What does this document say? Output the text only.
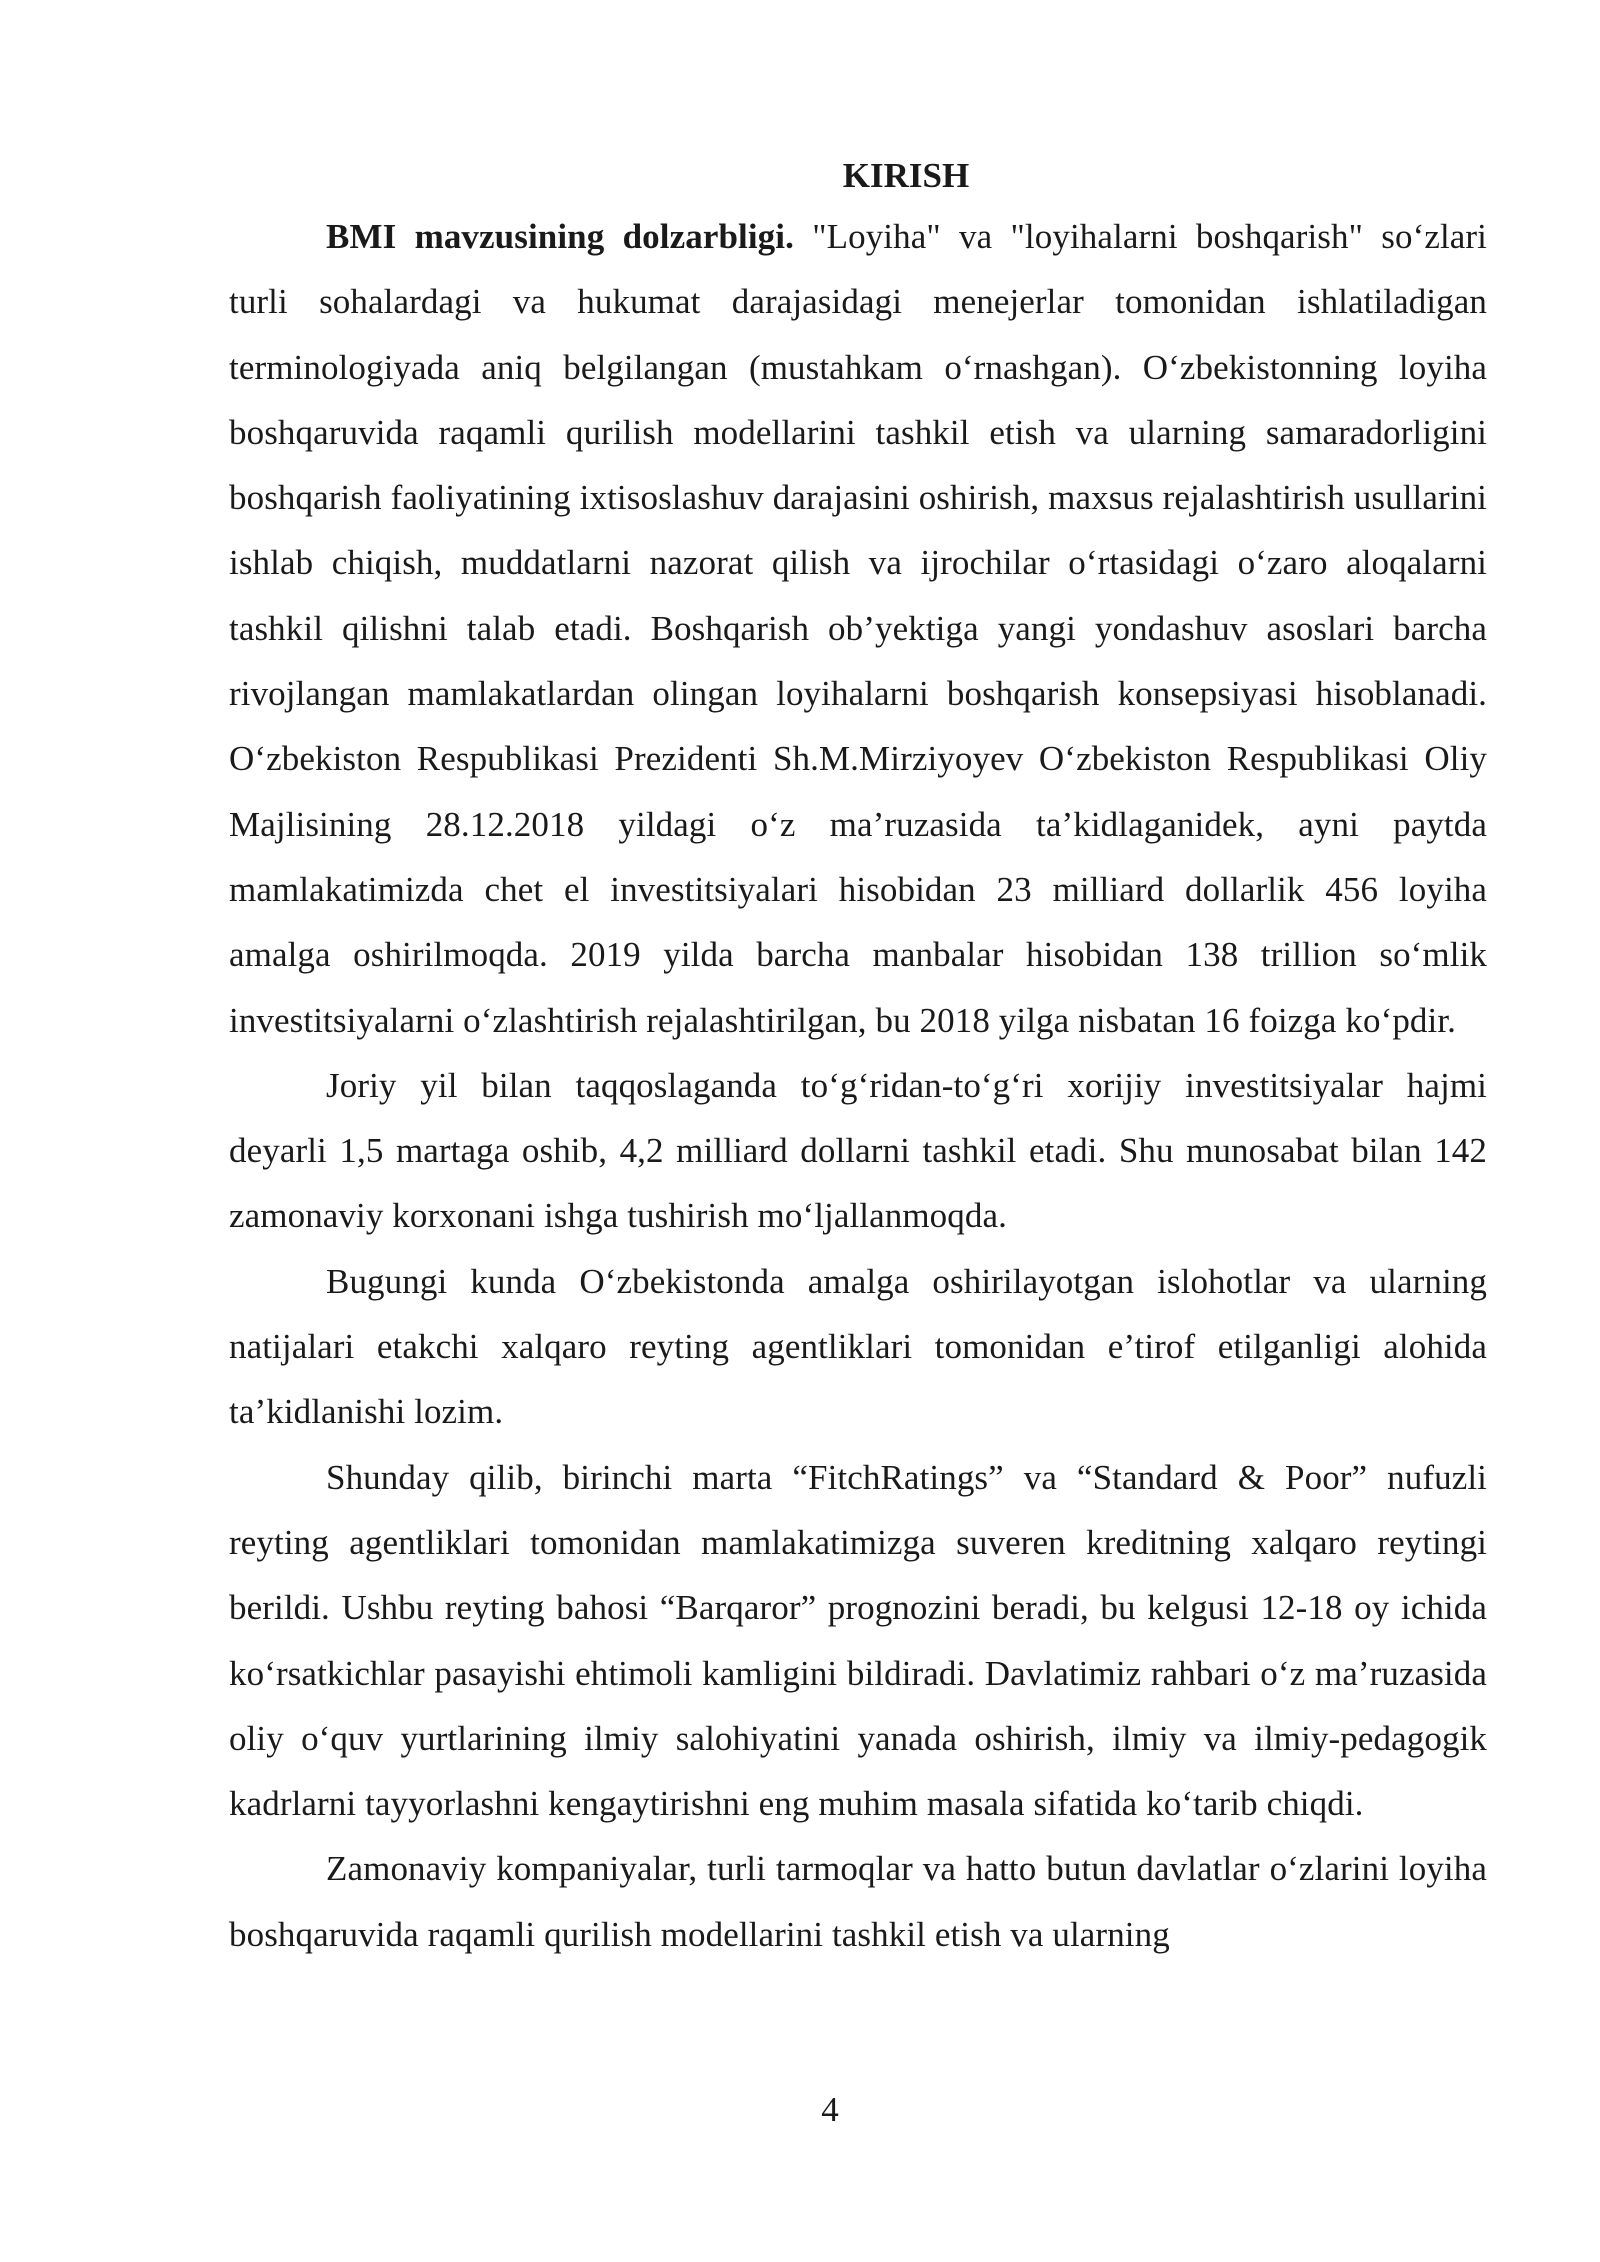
KIRISH

BMI mavzusining dolzarbligi. "Loyiha" va "loyihalarni boshqarish" so‘zlari turli sohalardagi va hukumat darajasidagi menejerlar tomonidan ishlatiladigan terminologiyada aniq belgilangan (mustahkam o‘rnashgan). O‘zbekistonning loyiha boshqaruvida raqamli qurilish modellarini tashkil etish va ularning samaradorligini boshqarish faoliyatining ixtisoslashuv darajasini oshirish, maxsus rejalashtirish usullarini ishlab chiqish, muddatlarni nazorat qilish va ijrochilar o‘rtasidagi o‘zaro aloqalarni tashkil qilishni talab etadi. Boshqarish ob’yektiga yangi yondashuv asoslari barcha rivojlangan mamlakatlardan olingan loyihalarni boshqarish konsepsiyasi hisoblanadi. O‘zbekiston Respublikasi Prezidenti Sh.M.Mirziyoyev O‘zbekiston Respublikasi Oliy Majlisining 28.12.2018 yildagi o‘z ma’ruzasida ta’kidlaganidek, ayni paytda mamlakatimizda chet el investitsiyalari hisobidan 23 milliard dollarlik 456 loyiha amalga oshirilmoqda. 2019 yilda barcha manbalar hisobidan 138 trillion so‘mlik investitsiyalarni o‘zlashtirish rejalashtirilgan, bu 2018 yilga nisbatan 16 foizga ko‘pdir.

Joriy yil bilan taqqoslaganda to‘g‘ridan-to‘g‘ri xorijiy investitsiyalar hajmi deyarli 1,5 martaga oshib, 4,2 milliard dollarni tashkil etadi. Shu munosabat bilan 142 zamonaviy korxonani ishga tushirish mo‘ljallanmoqda.

Bugungi kunda O‘zbekistonda amalga oshirilayotgan islohotlar va ularning natijalari etakchi xalqaro reyting agentliklari tomonidan e’tirof etilganligi alohida ta’kidlanishi lozim.

Shunday qilib, birinchi marta “FitchRatings” va “Standard & Poor” nufuzli reyting agentliklari tomonidan mamlakatimizga suveren kreditning xalqaro reytingi berildi. Ushbu reyting bahosi “Barqaror” prognozini beradi, bu kelgusi 12-18 oy ichida ko‘rsatkichlar pasayishi ehtimoli kamligini bildiradi. Davlatimiz rahbari o‘z ma’ruzasida oliy o‘quv yurtlarining ilmiy salohiyatini yanada oshirish, ilmiy va ilmiy-pedagogik kadrlarni tayyorlashni kengaytirishni eng muhim masala sifatida ko‘tarib chiqdi.

Zamonaviy kompaniyalar, turli tarmoqlar va hatto butun davlatlar o‘zlarini loyiha boshqaruvida raqamli qurilish modellarini tashkil etish va ularning

4
